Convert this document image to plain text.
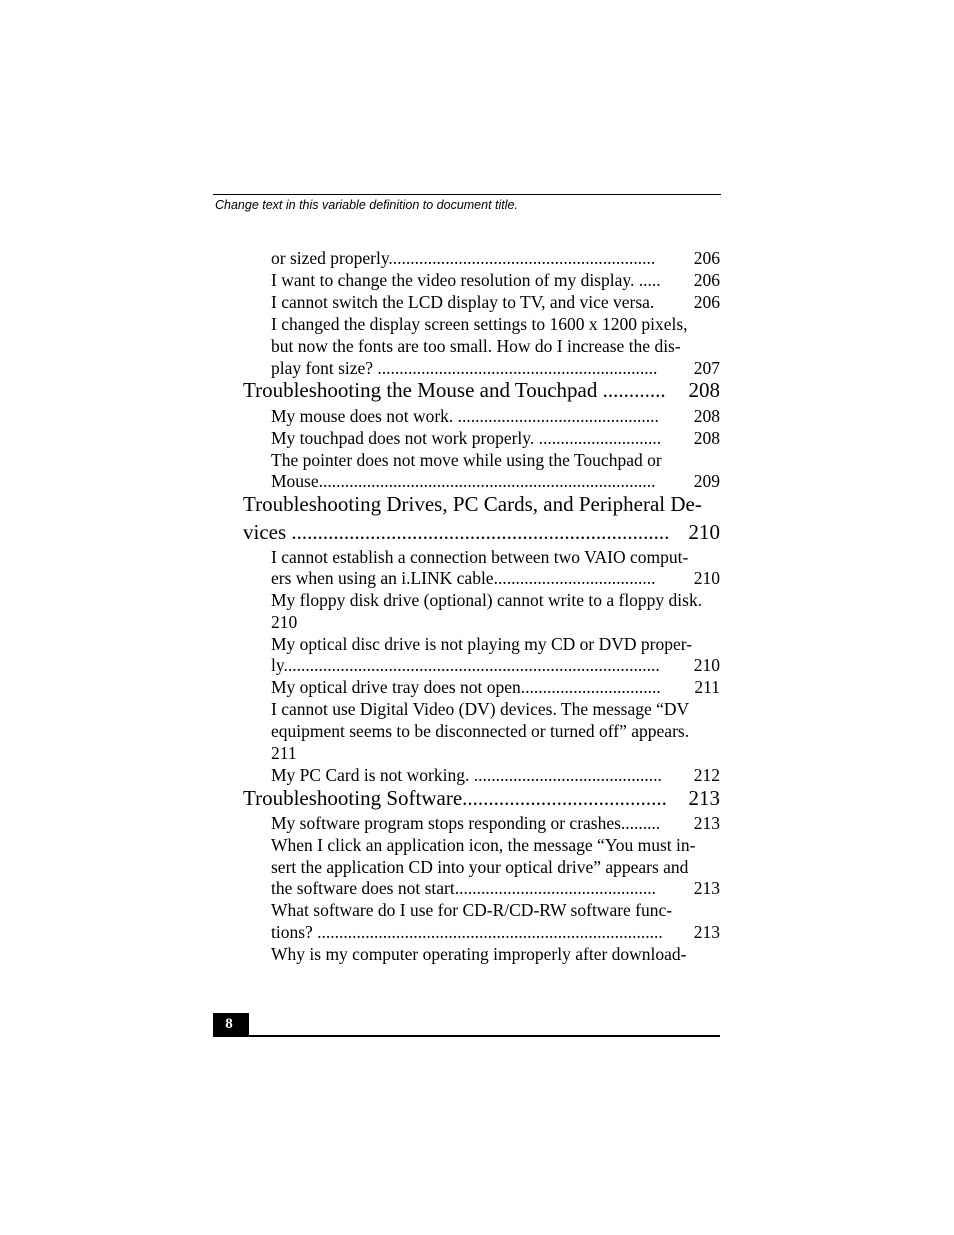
Change text in this variable definition to document title.
or sized properly............................................................. 206
I want to change the video resolution of my display. ..... 206
I cannot switch the LCD display to TV, and vice versa. 206
I changed the display screen settings to 1600 x 1200 pixels,
but now the fonts are too small. How do I increase the dis-
play font size? ................................................................ 207
Troubleshooting the Mouse and Touchpad ............ 208
My mouse does not work. .............................................. 208
My touchpad does not work properly. ............................ 208
The pointer does not move while using the Touchpad or
Mouse............................................................................. 209
Troubleshooting Drives, PC Cards, and Peripheral De-
vices ........................................................................ 210
I cannot establish a connection between two VAIO comput-
ers when using an i.LINK cable..................................... 210
My floppy disk drive (optional) cannot write to a floppy disk.
210
My optical disc drive is not playing my CD or DVD proper-
ly...................................................................................... 210
My optical drive tray does not open................................ 211
I cannot use Digital Video (DV) devices. The message “DV
equipment seems to be disconnected or turned off” appears.
211
My PC Card is not working. ........................................... 212
Troubleshooting Software....................................... 213
My software program stops responding or crashes......... 213
When I click an application icon, the message “You must in-
sert the application CD into your optical drive” appears and
the software does not start.............................................. 213
What software do I use for CD-R/CD-RW software func-
tions? ............................................................................... 213
Why is my computer operating improperly after download-
8
